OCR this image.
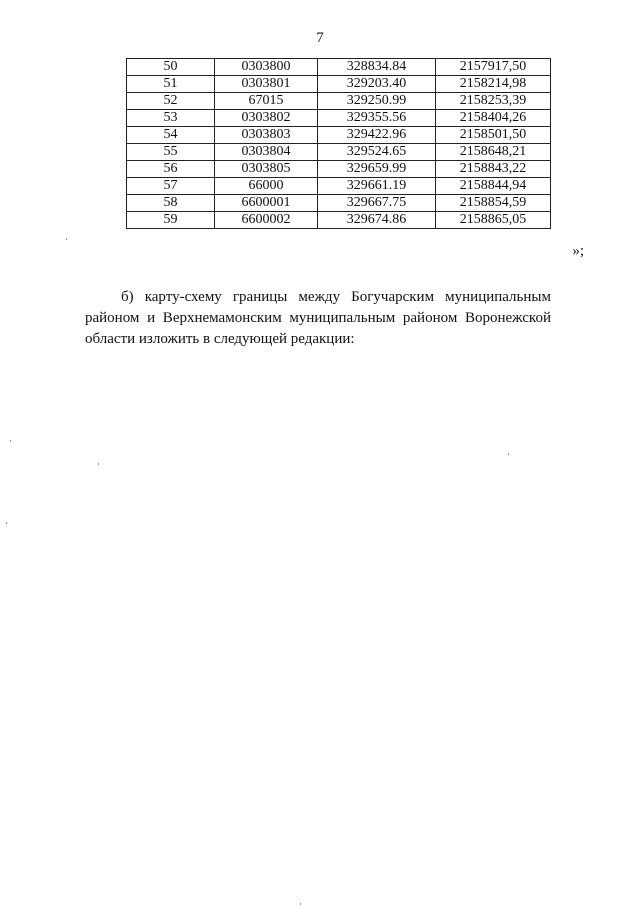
7
50	0303800	328834.84	2157917,50
51	0303801	329203.40	2158214,98
52	67015	329250.99	2158253,39
53	0303802	329355.56	2158404,26
54	0303803	329422.96	2158501,50
55	0303804	329524.65	2158648,21
56	0303805	329659.99	2158843,22
57	66000	329661.19	2158844,94
58	6600001	329667.75	2158854,59
59	6600002	329674.86	2158865,05
»;

б) карту-схему границы между Богучарским муниципальным районом и Верхнемамонским муниципальным районом Воронежской области изложить в следующей редакции:
